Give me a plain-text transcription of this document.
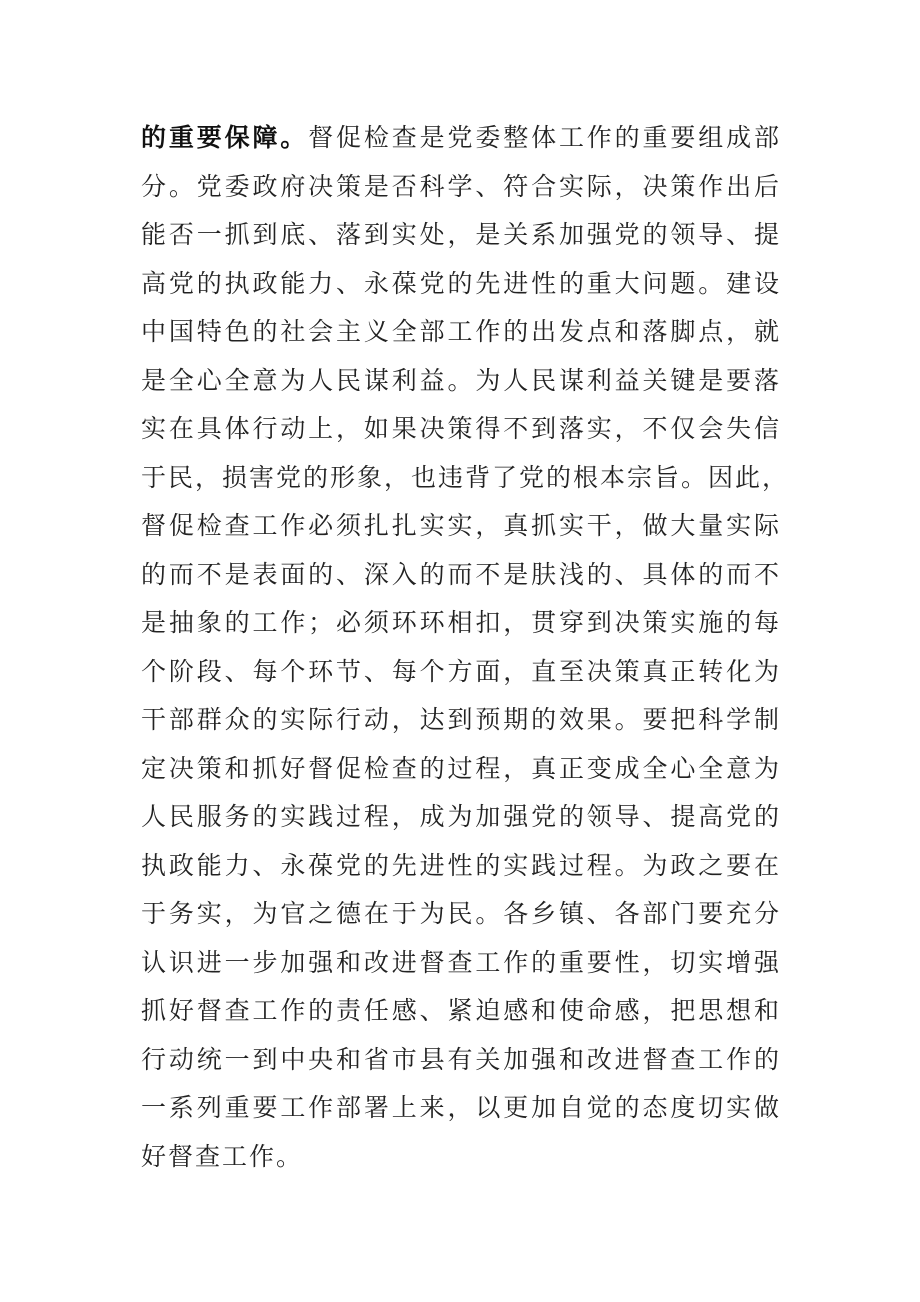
的重要保障。督促检查是党委整体工作的重要组成部
分。党委政府决策是否科学、符合实际，决策作出后
能否一抓到底、落到实处，是关系加强党的领导、提
高党的执政能力、永葆党的先进性的重大问题。建设
中国特色的社会主义全部工作的出发点和落脚点，就
是全心全意为人民谋利益。为人民谋利益关键是要落
实在具体行动上，如果决策得不到落实，不仅会失信
于民，损害党的形象，也违背了党的根本宗旨。因此，
督促检查工作必须扎扎实实，真抓实干，做大量实际
的而不是表面的、深入的而不是肤浅的、具体的而不
是抽象的工作；必须环环相扣，贯穿到决策实施的每
个阶段、每个环节、每个方面，直至决策真正转化为
干部群众的实际行动，达到预期的效果。要把科学制
定决策和抓好督促检查的过程，真正变成全心全意为
人民服务的实践过程，成为加强党的领导、提高党的
执政能力、永葆党的先进性的实践过程。为政之要在
于务实，为官之德在于为民。各乡镇、各部门要充分
认识进一步加强和改进督查工作的重要性，切实增强
抓好督查工作的责任感、紧迫感和使命感，把思想和
行动统一到中央和省市县有关加强和改进督查工作的
一系列重要工作部署上来，以更加自觉的态度切实做
好督查工作。
